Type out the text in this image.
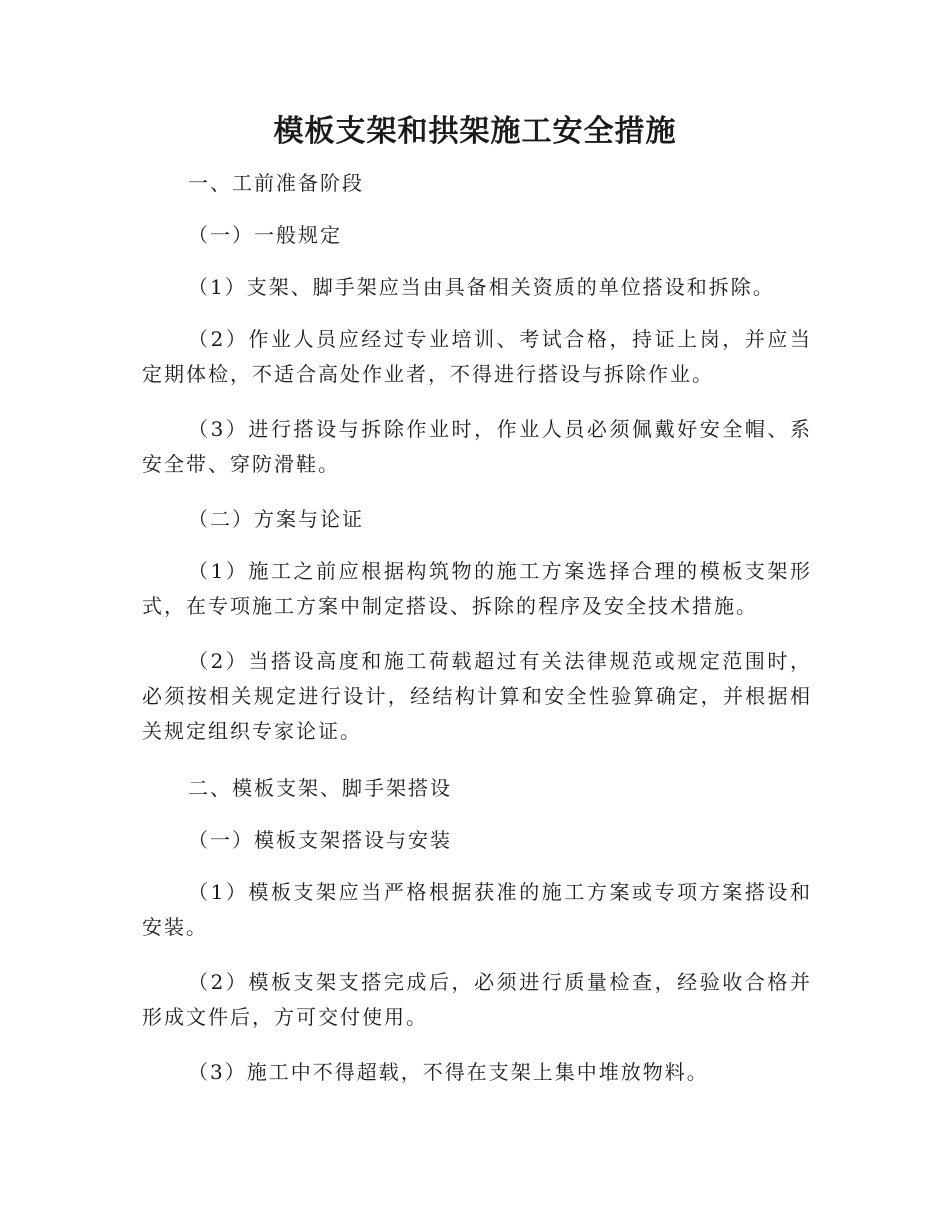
模板支架和拱架施工安全措施

一、工前准备阶段

（一）一般规定

（1）支架、脚手架应当由具备相关资质的单位搭设和拆除。

（2）作业人员应经过专业培训、考试合格，持证上岗，并应当定期体检，不适合高处作业者，不得进行搭设与拆除作业。

（3）进行搭设与拆除作业时，作业人员必须佩戴好安全帽、系安全带、穿防滑鞋。

（二）方案与论证

（1）施工之前应根据构筑物的施工方案选择合理的模板支架形式，在专项施工方案中制定搭设、拆除的程序及安全技术措施。

（2）当搭设高度和施工荷载超过有关法律规范或规定范围时，必须按相关规定进行设计，经结构计算和安全性验算确定，并根据相关规定组织专家论证。

二、模板支架、脚手架搭设

（一）模板支架搭设与安装

（1）模板支架应当严格根据获准的施工方案或专项方案搭设和安装。

（2）模板支架支搭完成后，必须进行质量检查，经验收合格并形成文件后，方可交付使用。

（3）施工中不得超载，不得在支架上集中堆放物料。
